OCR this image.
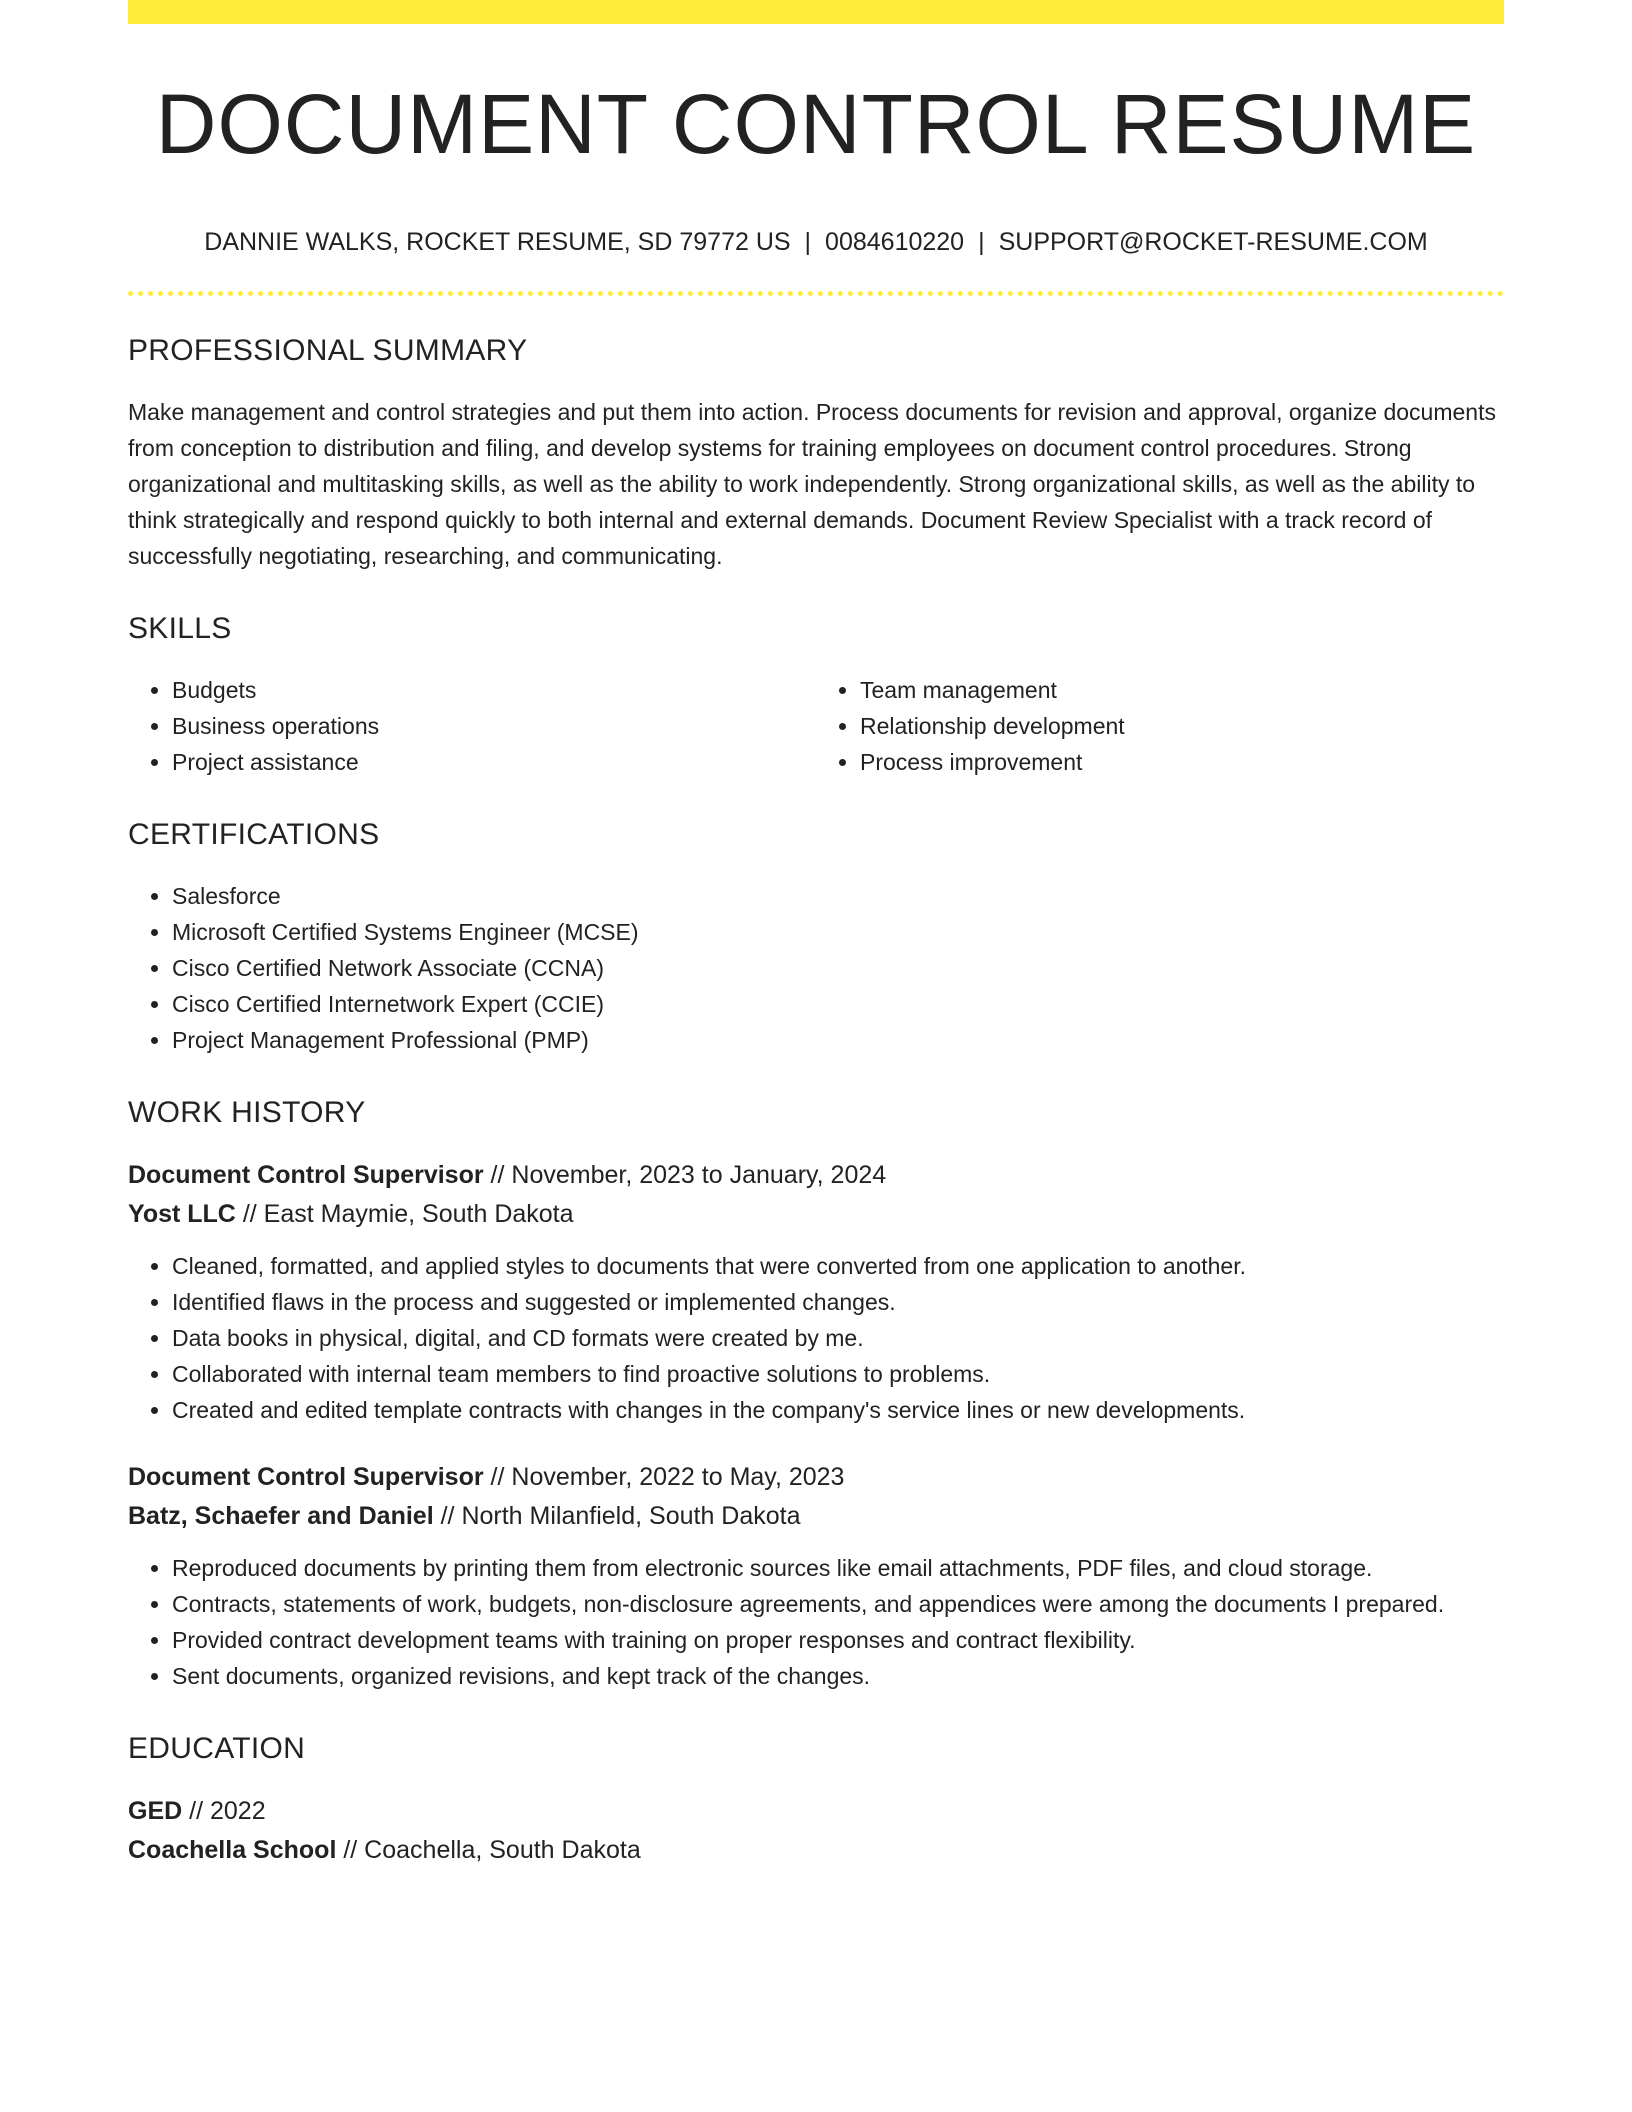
DOCUMENT CONTROL RESUME
DANNIE WALKS, ROCKET RESUME, SD 79772 US | 0084610220 | SUPPORT@ROCKET-RESUME.COM
PROFESSIONAL SUMMARY

Make management and control strategies and put them into action. Process documents for revision and approval, organize documents from conception to distribution and filing, and develop systems for training employees on document control procedures. Strong organizational and multitasking skills, as well as the ability to work independently. Strong organizational skills, as well as the ability to think strategically and respond quickly to both internal and external demands. Document Review Specialist with a track record of successfully negotiating, researching, and communicating.

SKILLS
• Budgets
• Business operations
• Project assistance
• Team management
• Relationship development
• Process improvement
CERTIFICATIONS
• Salesforce
• Microsoft Certified Systems Engineer (MCSE)
• Cisco Certified Network Associate (CCNA)
• Cisco Certified Internetwork Expert (CCIE)
• Project Management Professional (PMP)
WORK HISTORY
Document Control Supervisor // November, 2023 to January, 2024
Yost LLC // East Maymie, South Dakota
• Cleaned, formatted, and applied styles to documents that were converted from one application to another.
• Identified flaws in the process and suggested or implemented changes.
• Data books in physical, digital, and CD formats were created by me.
• Collaborated with internal team members to find proactive solutions to problems.
• Created and edited template contracts with changes in the company's service lines or new developments.
Document Control Supervisor // November, 2022 to May, 2023
Batz, Schaefer and Daniel // North Milanfield, South Dakota
• Reproduced documents by printing them from electronic sources like email attachments, PDF files, and cloud storage.
• Contracts, statements of work, budgets, non-disclosure agreements, and appendices were among the documents I prepared.
• Provided contract development teams with training on proper responses and contract flexibility.
• Sent documents, organized revisions, and kept track of the changes.
EDUCATION
GED // 2022
Coachella School // Coachella, South Dakota
